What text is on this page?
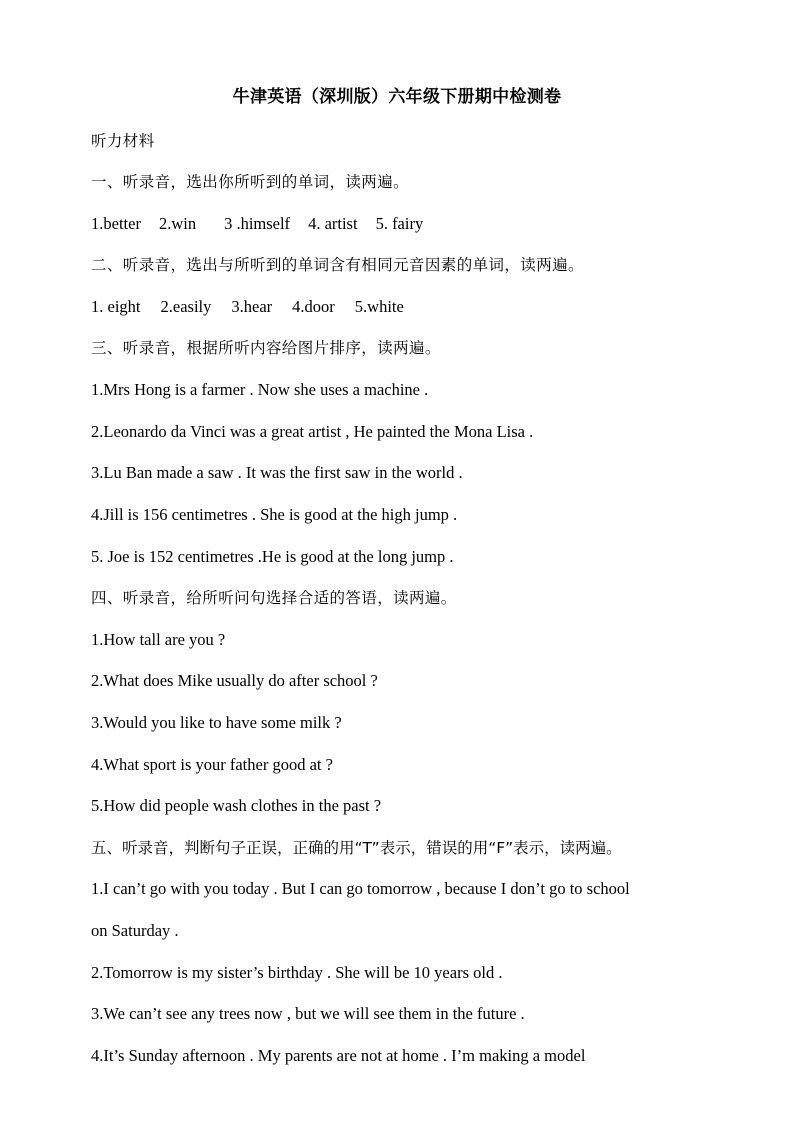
牛津英语（深圳版）六年级下册期中检测卷
听力材料
一、听录音，选出你所听到的单词，读两遍。
1.better 2.win 3 .himself 4. artist 5. fairy
二、听录音，选出与所听到的单词含有相同元音因素的单词，读两遍。
1. eight 2.easily 3.hear 4.door 5.white
三、听录音，根据所听内容给图片排序，读两遍。
1.Mrs Hong is a farmer . Now she uses a machine .
2.Leonardo da Vinci was a great artist , He painted the Mona Lisa .
3.Lu Ban made a saw . It was the first saw in the world .
4.Jill is 156 centimetres . She is good at the high jump .
5. Joe is 152 centimetres .He is good at the long jump .
四、听录音，给所听问句选择合适的答语，读两遍。
1.How tall are you ?
2.What does Mike usually do after school ?
3.Would you like to have some milk ?
4.What sport is your father good at ?
5.How did people wash clothes in the past ?
五、听录音，判断句子正误，正确的用“T”表示，错误的用“F”表示，读两遍。
1.I can’t go with you today . But I can go tomorrow , because I don’t go to school
on Saturday .
2.Tomorrow is my sister’s birthday . She will be 10 years old .
3.We can’t see any trees now , but we will see them in the future .
4.It’s Sunday afternoon . My parents are not at home . I’m making a model
